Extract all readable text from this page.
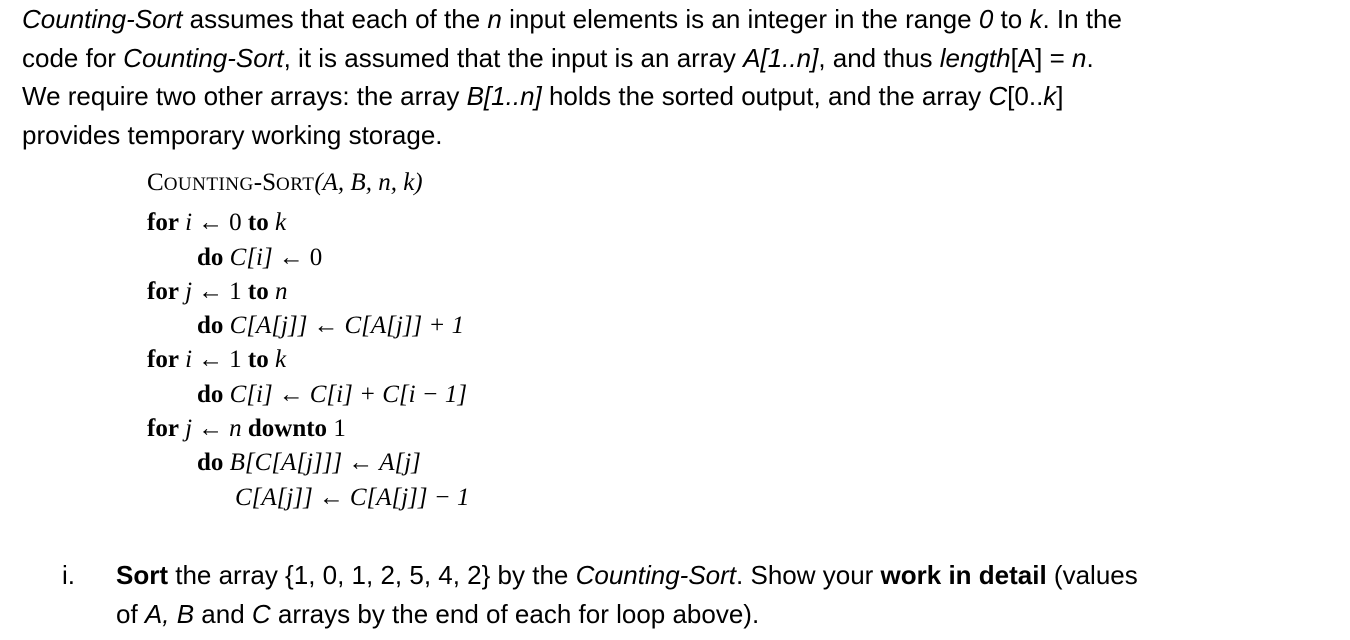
Counting-Sort assumes that each of the n input elements is an integer in the range 0 to k. In the
code for Counting-Sort, it is assumed that the input is an array A[1..n], and thus length[A] = n.
We require two other arrays: the array B[1..n] holds the sorted output, and the array C[0..k]
provides temporary working storage.
COUNTING-SORT(A, B, n, k)
for i ← 0 to k
do C[i] ← 0
for j ← 1 to n
do C[A[j]] ← C[A[j]] + 1
for i ← 1 to k
do C[i] ← C[i] + C[i − 1]
for j ← n downto 1
do B[C[A[j]]] ← A[j]
C[A[j]] ← C[A[j]] − 1
i. Sort the array {1, 0, 1, 2, 5, 4, 2} by the Counting-Sort. Show your work in detail (values
of A, B and C arrays by the end of each for loop above).
